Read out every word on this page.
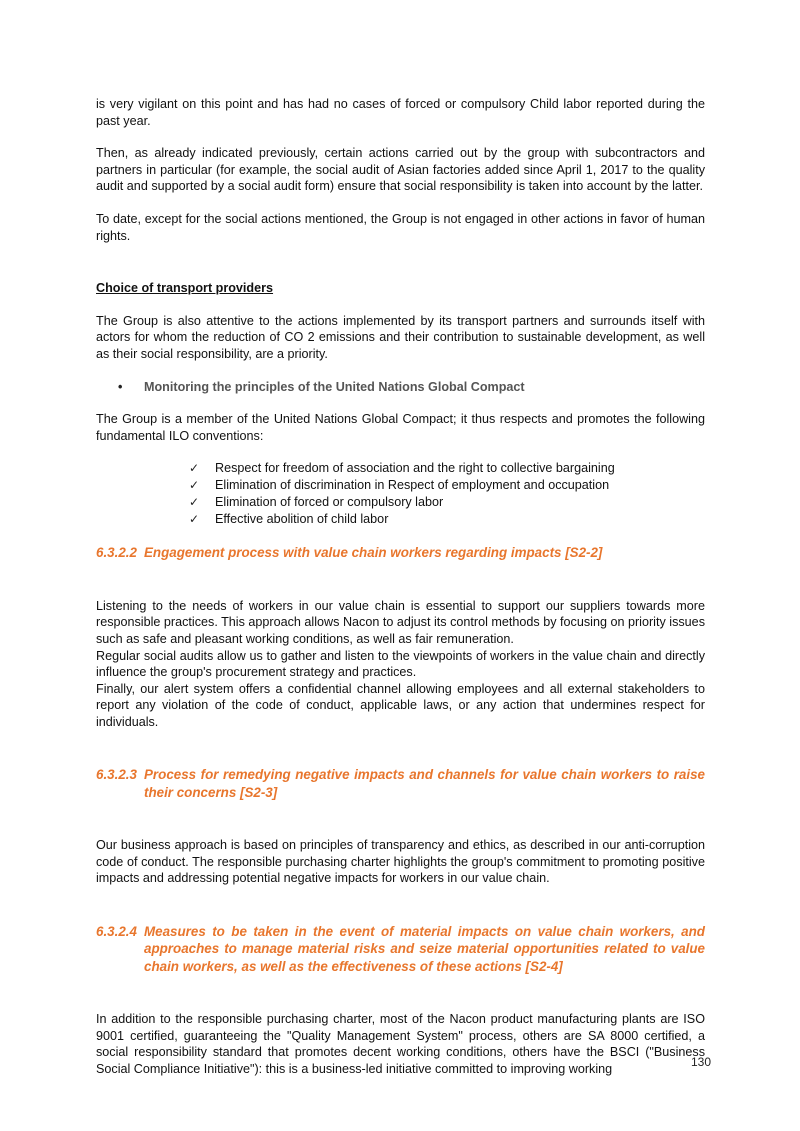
is very vigilant on this point and has had no cases of forced or compulsory Child labor reported during the past year.

Then, as already indicated previously, certain actions carried out by the group with subcontractors and partners in particular (for example, the social audit of Asian factories added since April 1, 2017 to the quality audit and supported by a social audit form) ensure that social responsibility is taken into account by the latter.

To date, except for the social actions mentioned, the Group is not engaged in other actions in favor of human rights.

Choice of transport providers

The Group is also attentive to the actions implemented by its transport partners and surrounds itself with actors for whom the reduction of CO 2 emissions and their contribution to sustainable development, as well as their social responsibility, are a priority.

•	Monitoring the principles of the United Nations Global Compact

The Group is a member of the United Nations Global Compact; it thus respects and promotes the following fundamental ILO conventions:

✓	Respect for freedom of association and the right to collective bargaining
✓	Elimination of discrimination in Respect of employment and occupation
✓	Elimination of forced or compulsory labor
✓	Effective abolition of child labor
6.3.2.2 Engagement process with value chain workers regarding impacts [S2-2]

Listening to the needs of workers in our value chain is essential to support our suppliers towards more responsible practices. This approach allows Nacon to adjust its control methods by focusing on priority issues such as safe and pleasant working conditions, as well as fair remuneration.

Regular social audits allow us to gather and listen to the viewpoints of workers in the value chain and directly influence the group's procurement strategy and practices.

Finally, our alert system offers a confidential channel allowing employees and all external stakeholders to report any violation of the code of conduct, applicable laws, or any action that undermines respect for individuals.

6.3.2.3 Process for remedying negative impacts and channels for value chain workers to raise their concerns [S2-3]

Our business approach is based on principles of transparency and ethics, as described in our anti-corruption code of conduct. The responsible purchasing charter highlights the group's commitment to promoting positive impacts and addressing potential negative impacts for workers in our value chain.

6.3.2.4 Measures to be taken in the event of material impacts on value chain workers, and approaches to manage material risks and seize material opportunities related to value chain workers, as well as the effectiveness of these actions [S2-4]

In addition to the responsible purchasing charter, most of the Nacon product manufacturing plants are ISO 9001 certified, guaranteeing the "Quality Management System" process, others are SA 8000 certified, a social responsibility standard that promotes decent working conditions, others have the BSCI ("Business Social Compliance Initiative"): this is a business-led initiative committed to improving working

130
